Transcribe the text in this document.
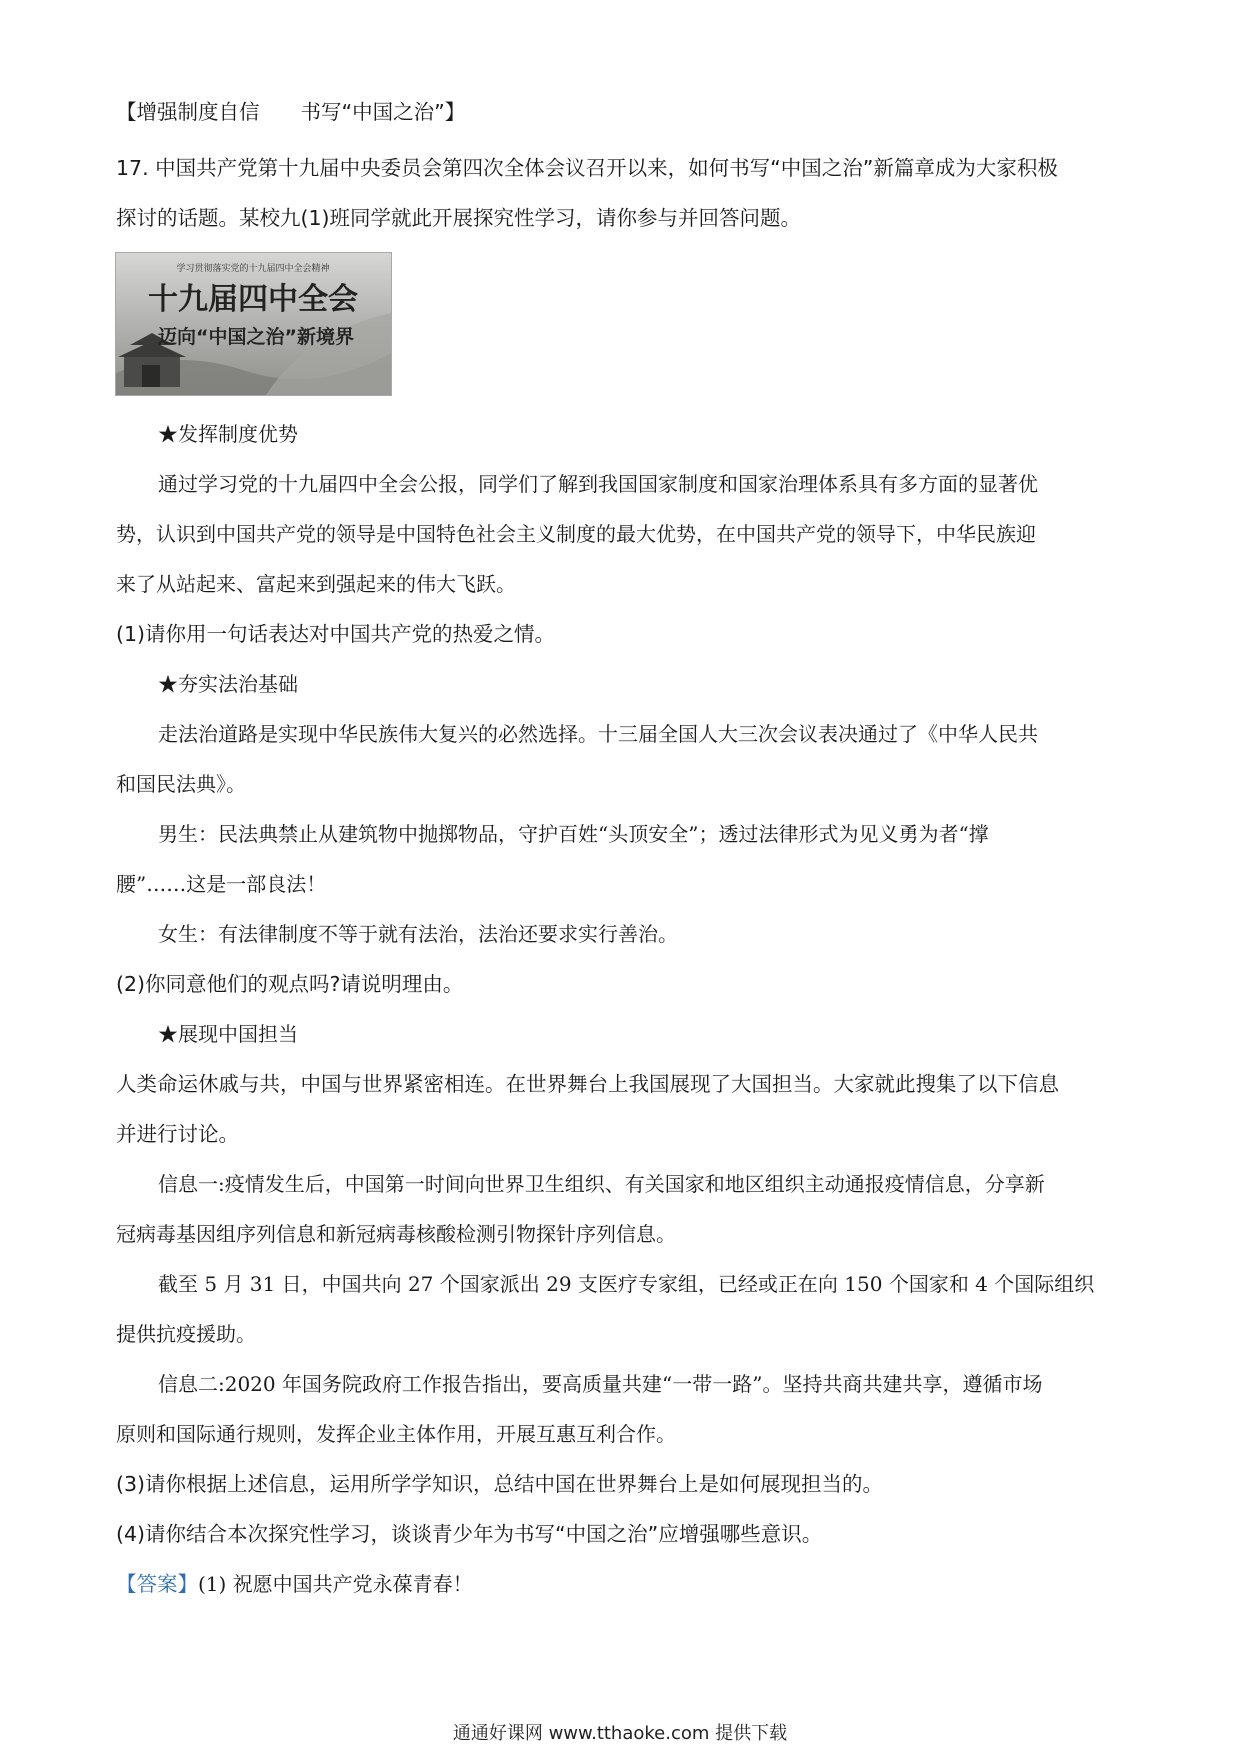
【增强制度自信　　书写“中国之治”】
17. 中国共产党第十九届中央委员会第四次全体会议召开以来，如何书写“中国之治”新篇章成为大家积极
探讨的话题。某校九(1)班同学就此开展探究性学习，请你参与并回答问题。
学习贯彻落实党的十九届四中全会精神
十九届四中全会
迈向“中国之治”新境界
★发挥制度优势
通过学习党的十九届四中全会公报，同学们了解到我国国家制度和国家治理体系具有多方面的显著优
势，认识到中国共产党的领导是中国特色社会主义制度的最大优势，在中国共产党的领导下，中华民族迎
来了从站起来、富起来到强起来的伟大飞跃。
(1)请你用一句话表达对中国共产党的热爱之情。
★夯实法治基础
走法治道路是实现中华民族伟大复兴的必然选择。十三届全国人大三次会议表决通过了《中华人民共
和国民法典》。
男生：民法典禁止从建筑物中抛掷物品，守护百姓“头顶安全”；透过法律形式为见义勇为者“撑
腰”……这是一部良法！
女生：有法律制度不等于就有法治，法治还要求实行善治。
(2)你同意他们的观点吗?请说明理由。
★展现中国担当
人类命运休戚与共，中国与世界紧密相连。在世界舞台上我国展现了大国担当。大家就此搜集了以下信息
并进行讨论。
信息一:疫情发生后，中国第一时间向世界卫生组织、有关国家和地区组织主动通报疫情信息，分享新
冠病毒基因组序列信息和新冠病毒核酸检测引物探针序列信息。
截至 5 月 31 日，中国共向 27 个国家派出 29 支医疗专家组，已经或正在向 150 个国家和 4 个国际组织
提供抗疫援助。
信息二:2020 年国务院政府工作报告指出，要高质量共建“一带一路”。坚持共商共建共享，遵循市场
原则和国际通行规则，发挥企业主体作用，开展互惠互利合作。
(3)请你根据上述信息，运用所学学知识，总结中国在世界舞台上是如何展现担当的。
(4)请你结合本次探究性学习，谈谈青少年为书写“中国之治”应增强哪些意识。
【答案】(1) 祝愿中国共产党永葆青春！
通通好课网 www.tthaoke.com 提供下载
